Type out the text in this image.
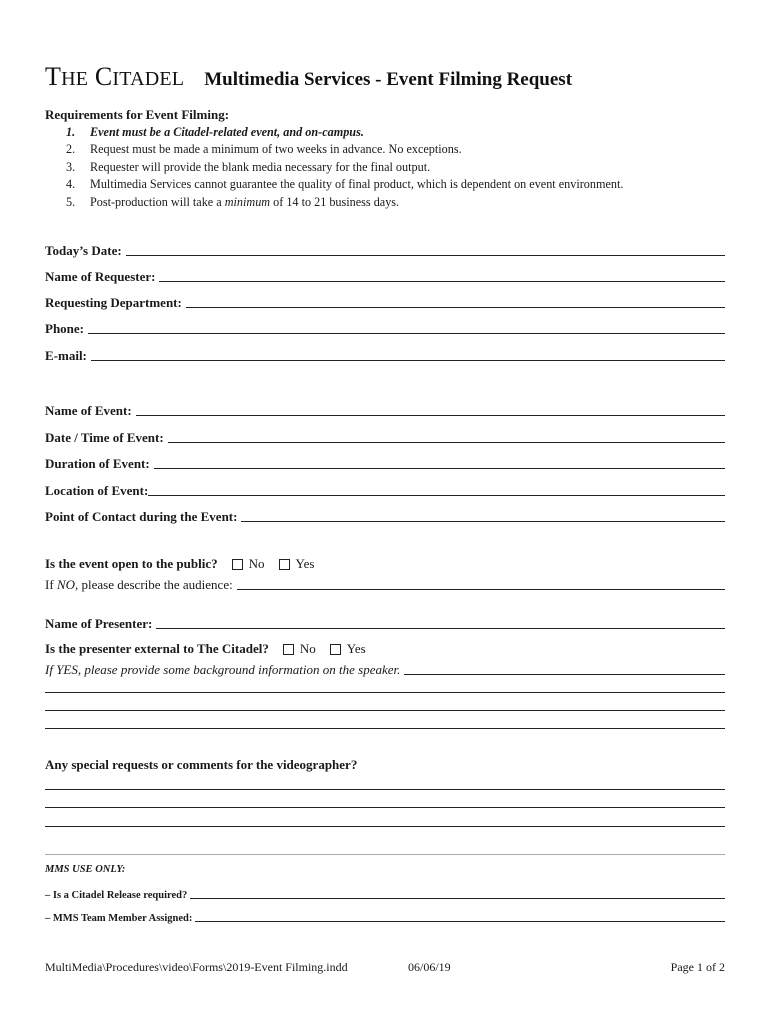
THE CITADEL Multimedia Services - Event Filming Request
Requirements for Event Filming:
1.	Event must be a Citadel-related event, and on-campus.
2.	Request must be made a minimum of two weeks in advance. No exceptions.
3.	Requester will provide the blank media necessary for the final output.
4.	Multimedia Services cannot guarantee the quality of final product, which is dependent on event environment.
5.	Post-production will take a minimum of 14 to 21 business days.
Today’s Date:
Name of Requester:
Requesting Department:
Phone:
E-mail:
Name of Event:
Date / Time of Event:
Duration of Event:
Location of Event:
Point of Contact during the Event:
Is the event open to the public? No Yes
If NO, please describe the audience:
Name of Presenter:
Is the presenter external to The Citadel? No Yes
If YES, please provide some background information on the speaker.
Any special requests or comments for the videographer?
MMS USE ONLY:
– Is a Citadel Release required?
– MMS Team Member Assigned:
MultiMedia\Procedures\video\Forms\2019-Event Filming.indd	06/06/19	Page 1 of 2
